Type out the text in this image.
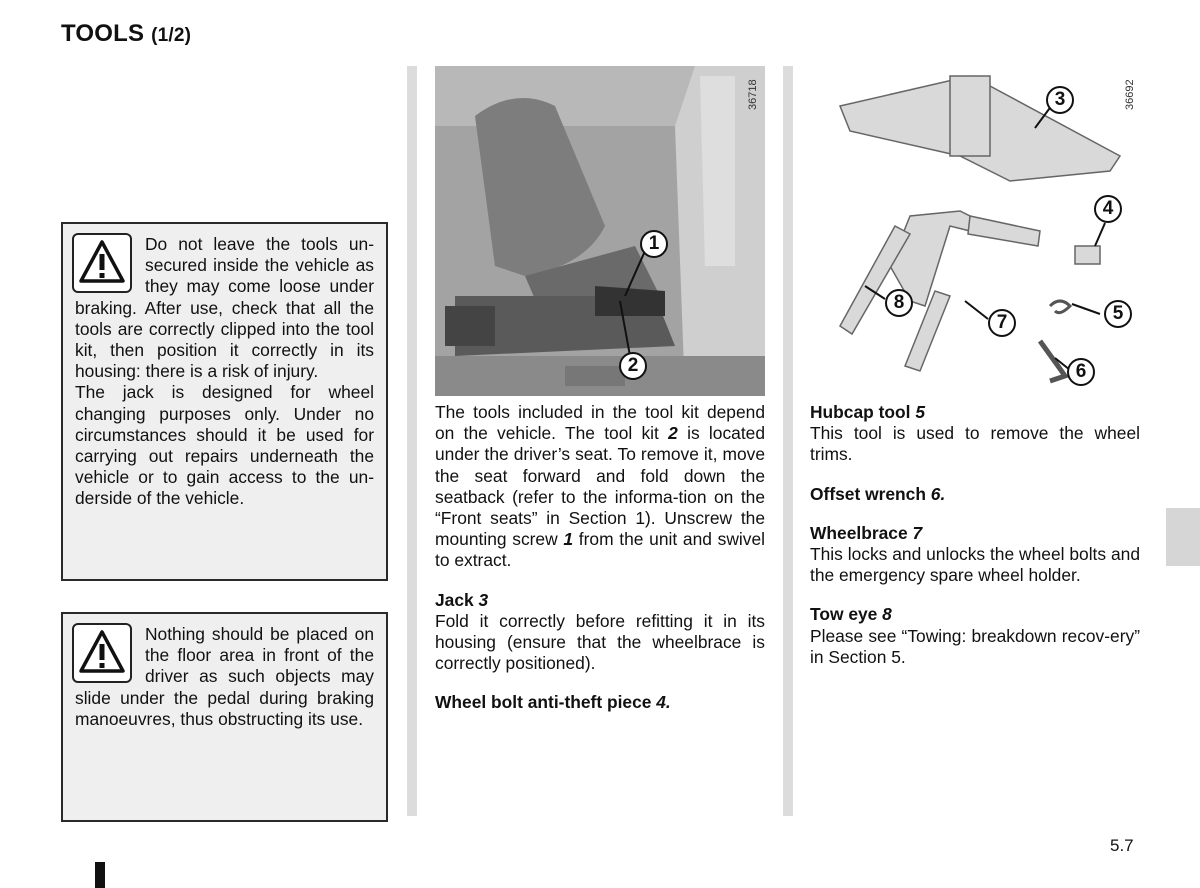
TOOLS (1/2)
Do not leave the tools un-secured inside the vehicle as they may come loose under braking. After use, check that all the tools are correctly clipped into the tool kit, then position it correctly in its housing: there is a risk of injury.
The jack is designed for wheel changing purposes only. Under no circumstances should it be used for carrying out repairs underneath the vehicle or to gain access to the un-derside of the vehicle.
Nothing should be placed on the floor area in front of the driver as such objects may slide under the pedal during braking manoeuvres, thus obstructing its use.
36718
1
2
36692
3
4
5
6
7
8

The tools included in the tool kit depend on the vehicle. The tool kit 2 is located under the driver’s seat. To remove it, move the seat forward and fold down the seatback (refer to the informa-tion on the “Front seats” in Section 1). Unscrew the mounting screw 1 from the unit and swivel to extract.

Jack 3
Fold it correctly before refitting it in its housing (ensure that the wheelbrace is correctly positioned).

Wheel bolt anti-theft piece 4.

Hubcap tool 5
This tool is used to remove the wheel trims.

Offset wrench 6.

Wheelbrace 7
This locks and unlocks the wheel bolts and the emergency spare wheel holder.

Tow eye 8
Please see “Towing: breakdown recov-ery” in Section 5.

5.7
